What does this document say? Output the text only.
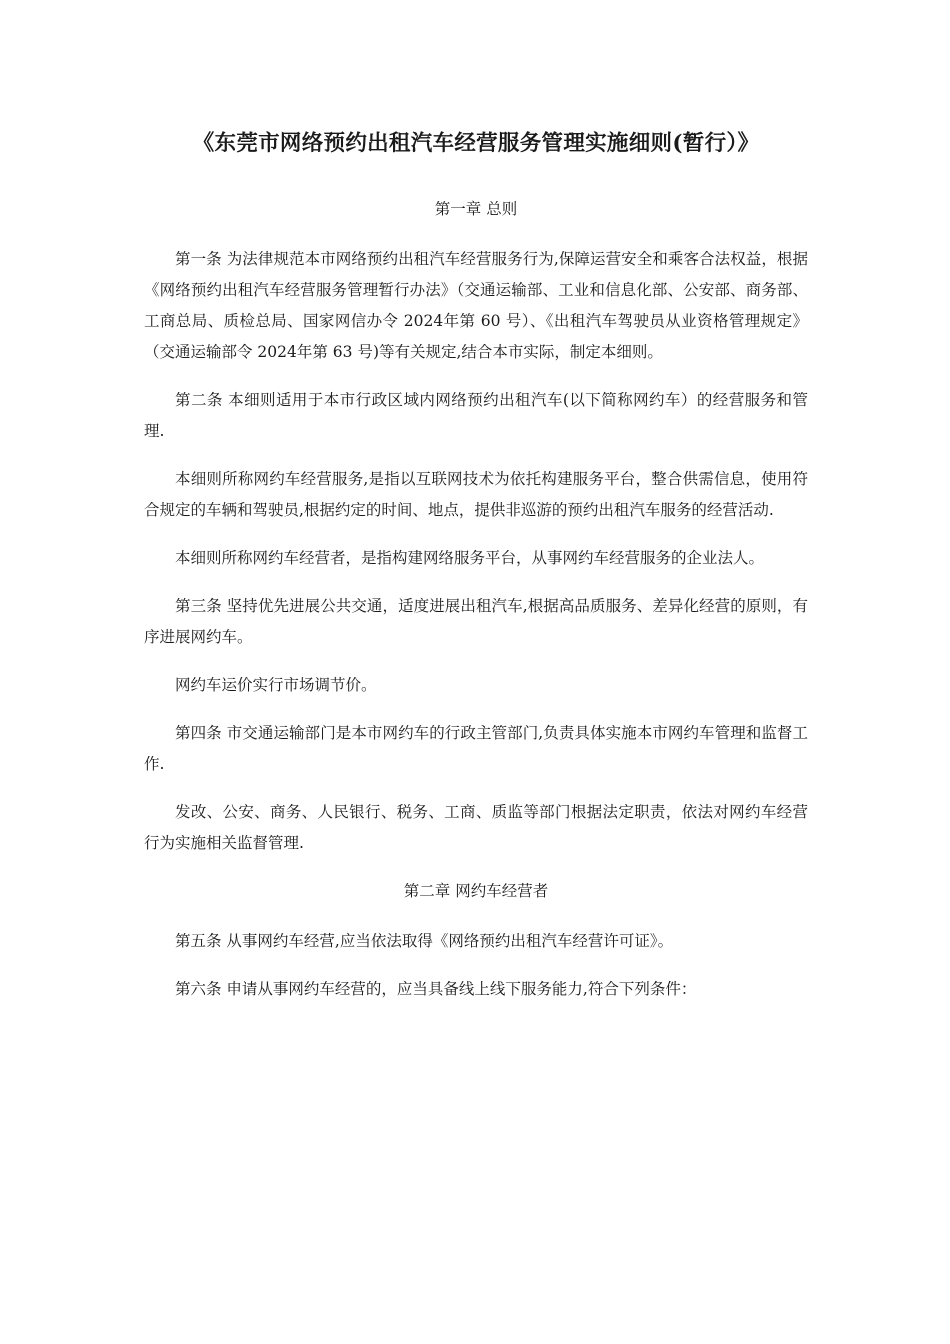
《东莞市网络预约出租汽车经营服务管理实施细则(暂行）》
第一章 总则

第一条 为法律规范本市网络预约出租汽车经营服务行为,保障运营安全和乘客合法权益，根据《网络预约出租汽车经营服务管理暂行办法》（交通运输部、工业和信息化部、公安部、商务部、工商总局、质检总局、国家网信办令 2024年第 60 号）、《出租汽车驾驶员从业资格管理规定》（交通运输部令 2024年第 63 号)等有关规定,结合本市实际，制定本细则。

第二条 本细则适用于本市行政区域内网络预约出租汽车(以下简称网约车）的经营服务和管理.

本细则所称网约车经营服务,是指以互联网技术为依托构建服务平台，整合供需信息，使用符合规定的车辆和驾驶员,根据约定的时间、地点，提供非巡游的预约出租汽车服务的经营活动.

本细则所称网约车经营者，是指构建网络服务平台，从事网约车经营服务的企业法人。

第三条 坚持优先进展公共交通，适度进展出租汽车,根据高品质服务、差异化经营的原则，有序进展网约车。

网约车运价实行市场调节价。

第四条 市交通运输部门是本市网约车的行政主管部门,负责具体实施本市网约车管理和监督工作.

发改、公安、商务、人民银行、税务、工商、质监等部门根据法定职责，依法对网约车经营行为实施相关监督管理.

第二章 网约车经营者

第五条 从事网约车经营,应当依法取得《网络预约出租汽车经营许可证》。

第六条 申请从事网约车经营的，应当具备线上线下服务能力,符合下列条件：
